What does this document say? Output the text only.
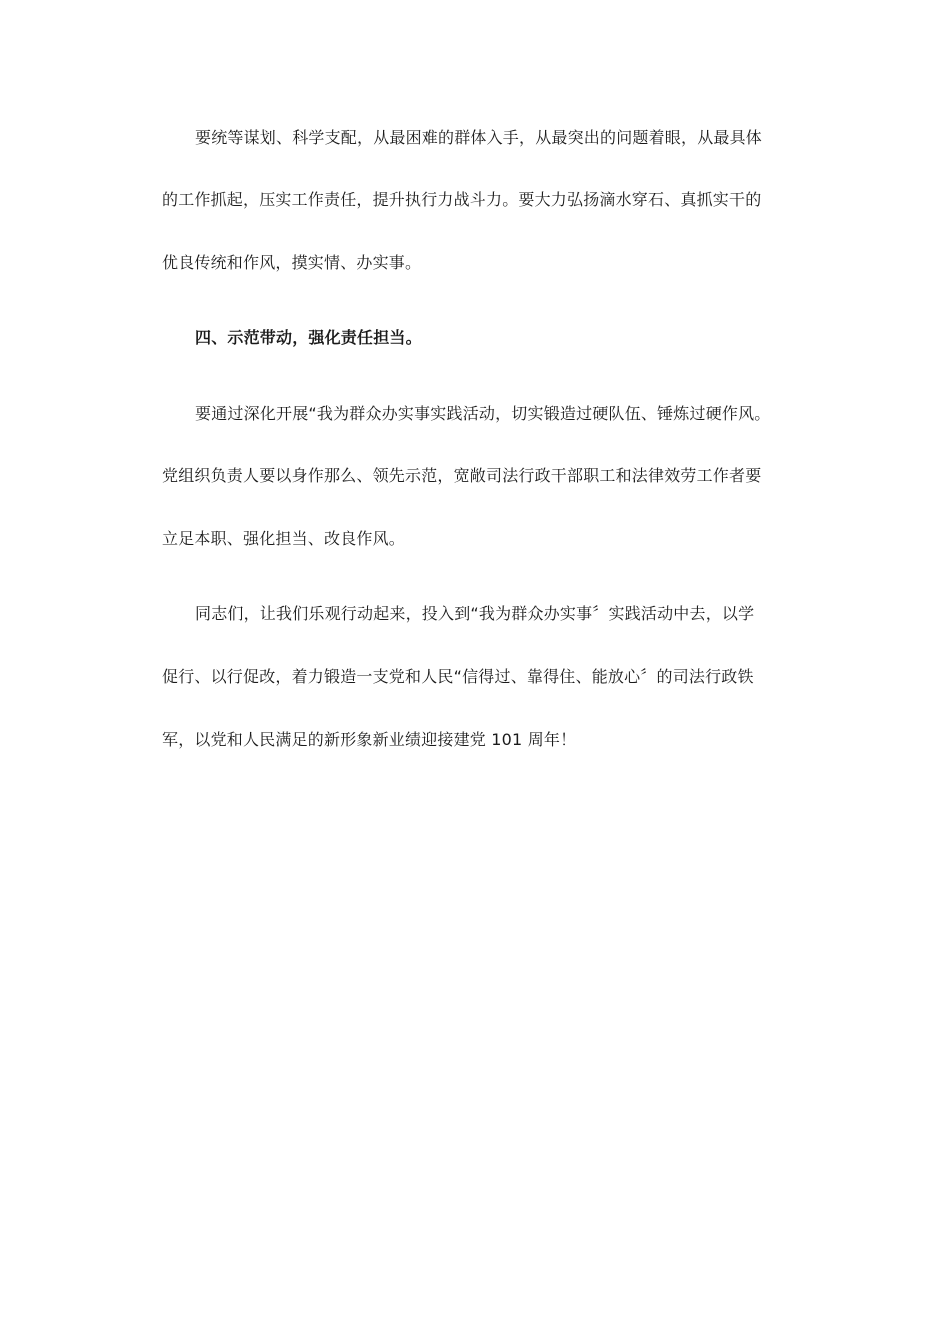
要统等谋划、科学支配，从最困难的群体入手，从最突出的问题着眼，从最具体
的工作抓起，压实工作责任，提升执行力战斗力。要大力弘扬滴水穿石、真抓实干的
优良传统和作风，摸实情、办实事。
四、示范带动，强化责任担当。
要通过深化开展“我为群众办实事实践活动，切实锻造过硬队伍、锤炼过硬作风。
党组织负责人要以身作那么、领先示范，宽敞司法行政干部职工和法律效劳工作者要
立足本职、强化担当、改良作风。
同志们，让我们乐观行动起来，投入到“我为群众办实事〞实践活动中去，以学
促行、以行促改，着力锻造一支党和人民“信得过、靠得住、能放心〞的司法行政铁
军，以党和人民满足的新形象新业绩迎接建党 101 周年！
